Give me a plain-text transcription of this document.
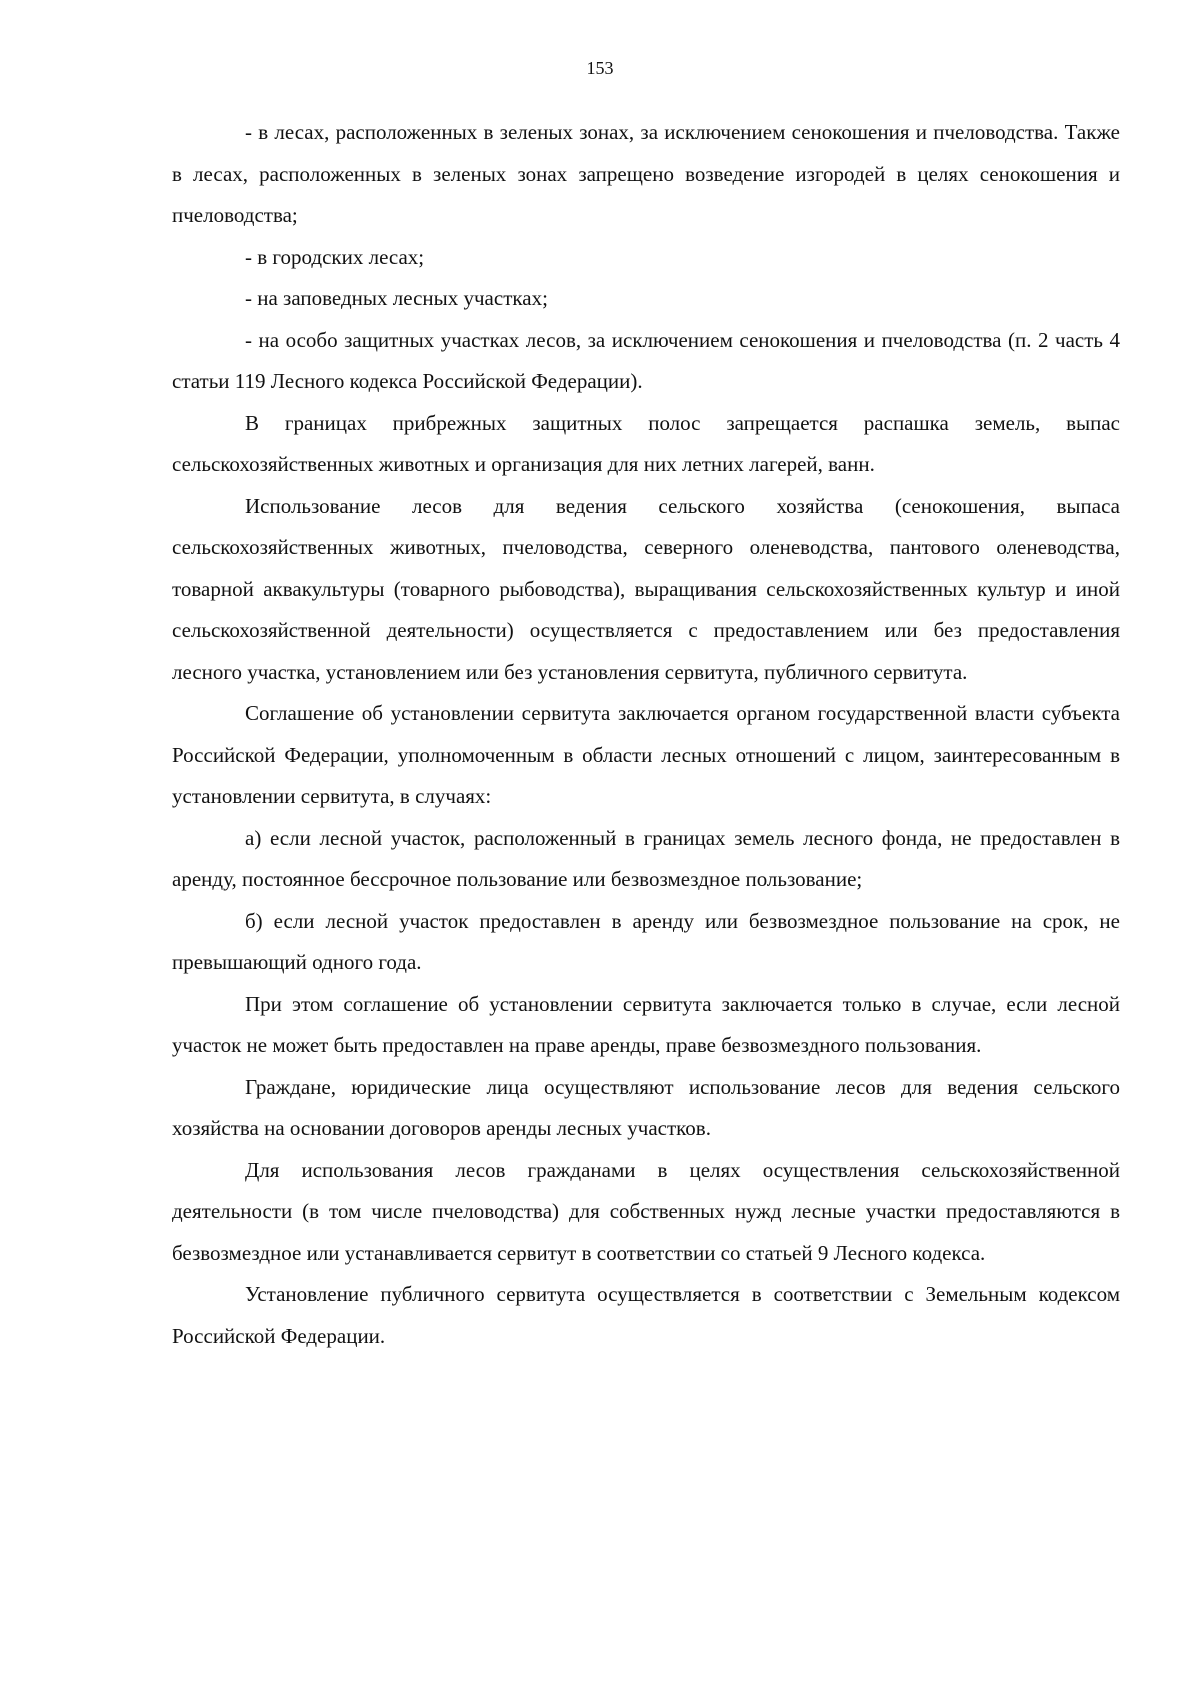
153

- в лесах, расположенных в зеленых зонах, за исключением сенокошения и пчеловодства. Также в лесах, расположенных в зеленых зонах запрещено возведение изгородей в целях сенокошения и пчеловодства;

- в городских лесах;

- на заповедных лесных участках;

- на особо защитных участках лесов, за исключением сенокошения и пчеловодства (п. 2 часть 4 статьи 119 Лесного кодекса Российской Федерации).

В границах прибрежных защитных полос запрещается распашка земель, выпас сельскохозяйственных животных и организация для них летних лагерей, ванн.

Использование лесов для ведения сельского хозяйства (сенокошения, выпаса сельскохозяйственных животных, пчеловодства, северного оленеводства, пантового оленеводства, товарной аквакультуры (товарного рыбоводства), выращивания сельскохозяйственных культур и иной сельскохозяйственной деятельности) осуществляется с предоставлением или без предоставления лесного участка, установлением или без установления сервитута, публичного сервитута.

Соглашение об установлении сервитута заключается органом государственной власти субъекта Российской Федерации, уполномоченным в области лесных отношений с лицом, заинтересованным в установлении сервитута, в случаях:

а) если лесной участок, расположенный в границах земель лесного фонда, не предоставлен в аренду, постоянное бессрочное пользование или безвозмездное пользование;

б) если лесной участок предоставлен в аренду или безвозмездное пользование на срок, не превышающий одного года.

При этом соглашение об установлении сервитута заключается только в случае, если лесной участок не может быть предоставлен на праве аренды, праве безвозмездного пользования.

Граждане, юридические лица осуществляют использование лесов для ведения сельского хозяйства на основании договоров аренды лесных участков.

Для использования лесов гражданами в целях осуществления сельскохозяйственной деятельности (в том числе пчеловодства) для собственных нужд лесные участки предоставляются в безвозмездное или устанавливается сервитут в соответствии со статьей 9 Лесного кодекса.

Установление публичного сервитута осуществляется в соответствии с Земельным кодексом Российской Федерации.
